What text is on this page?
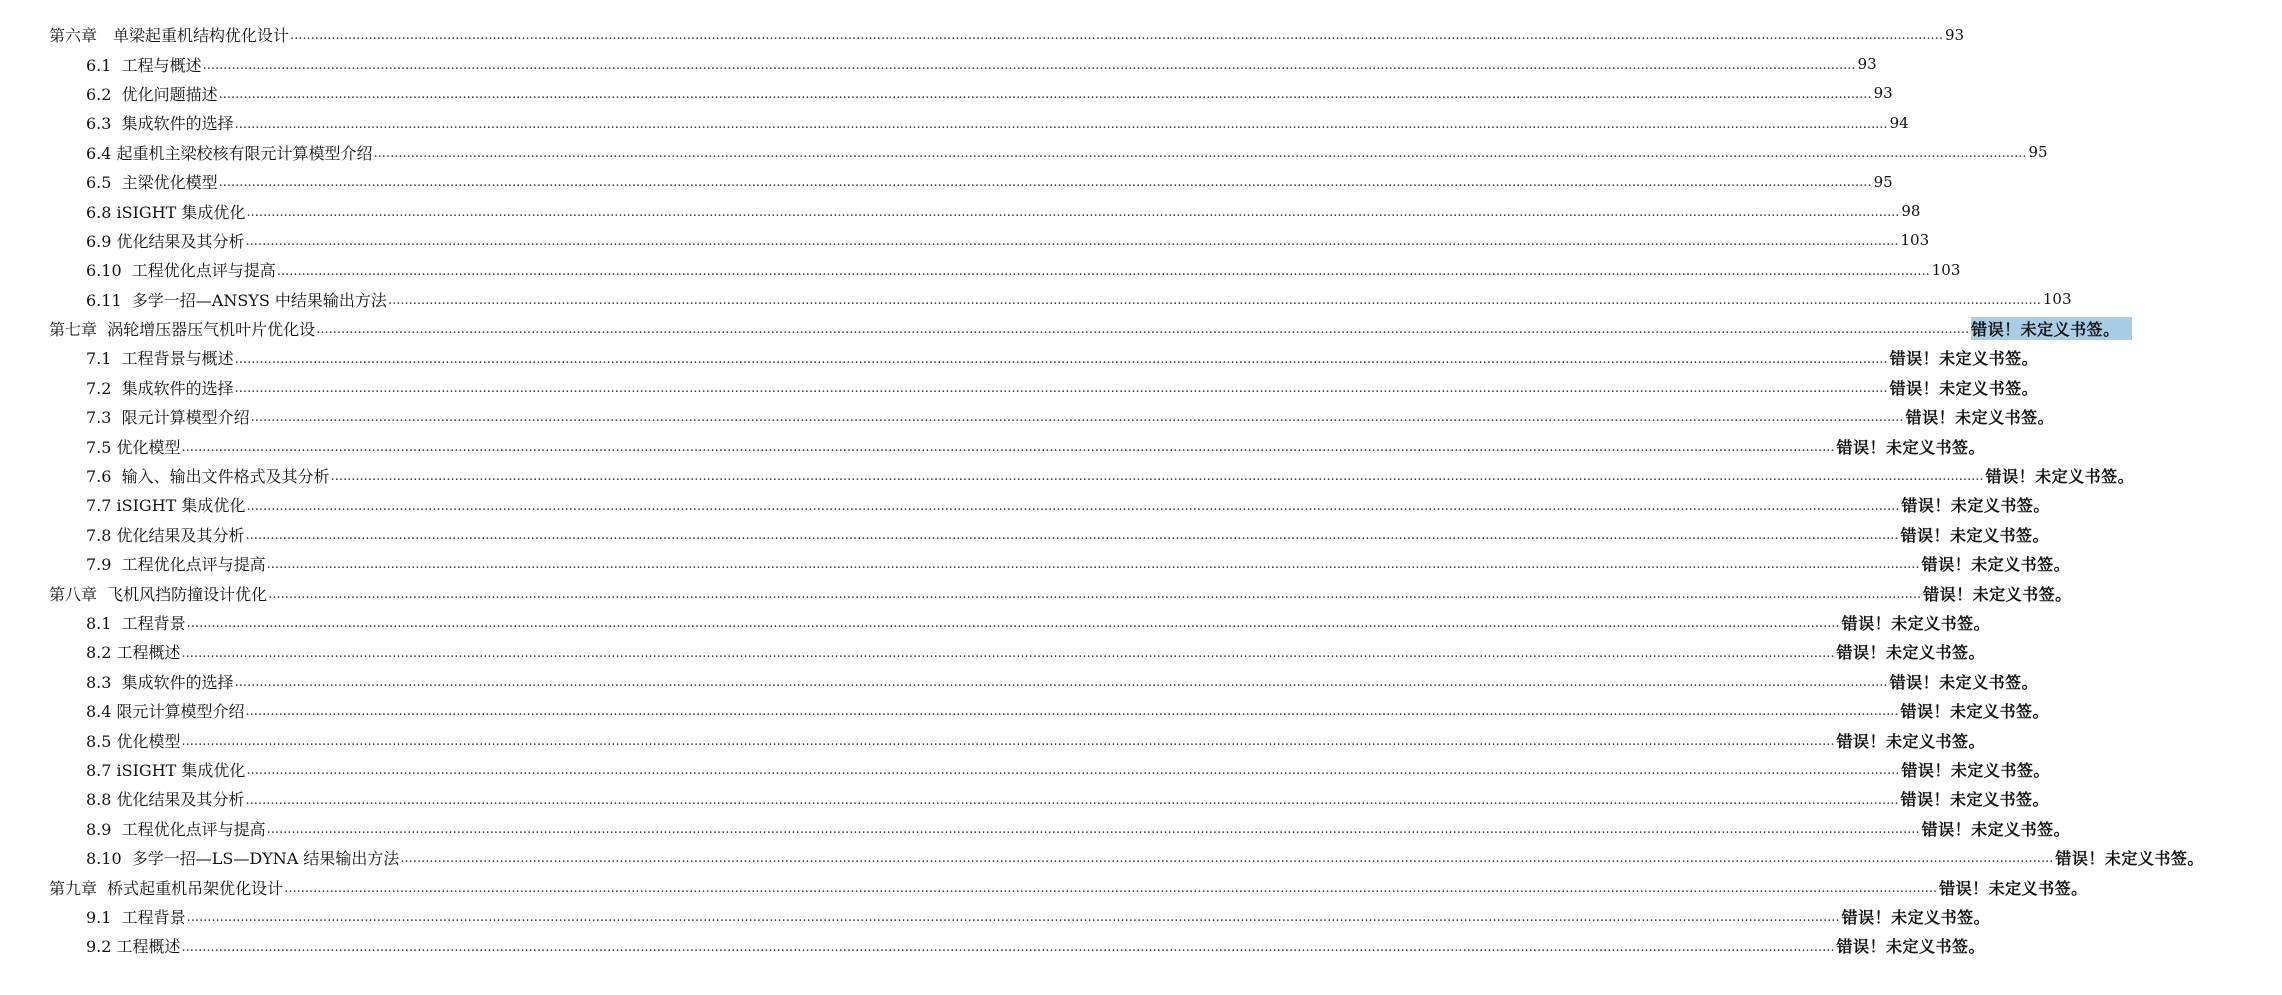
第六章　单梁起重机结构优化设计 ................................................................................................................................................................................................................................................................................................................................................................................................................ 93
6.1  工程与概述 ................................................................................................................................................................................................................................................................................................................................................................................................................ 93
6.2  优化问题描述 ................................................................................................................................................................................................................................................................................................................................................................................................................ 93
6.3  集成软件的选择 ................................................................................................................................................................................................................................................................................................................................................................................................................ 94
6.4 起重机主梁校核有限元计算模型介绍 ................................................................................................................................................................................................................................................................................................................................................................................................................ 95
6.5  主梁优化模型 ................................................................................................................................................................................................................................................................................................................................................................................................................ 95
6.8 iSIGHT 集成优化 ................................................................................................................................................................................................................................................................................................................................................................................................................ 98
6.9 优化结果及其分析 ................................................................................................................................................................................................................................................................................................................................................................................................................ 103
6.10  工程优化点评与提高 ................................................................................................................................................................................................................................................................................................................................................................................................................ 103
6.11  多学一招—ANSYS 中结果输出方法 ................................................................................................................................................................................................................................................................................................................................................................................................................ 103
第七章  涡轮增压器压气机叶片优化设 ................................................................................................................................................................................................................................................................................................................................................................................................................ 错误！未定义书签。
7.1  工程背景与概述 ................................................................................................................................................................................................................................................................................................................................................................................................................ 错误！未定义书签。
7.2  集成软件的选择 ................................................................................................................................................................................................................................................................................................................................................................................................................ 错误！未定义书签。
7.3  限元计算模型介绍 ................................................................................................................................................................................................................................................................................................................................................................................................................ 错误！未定义书签。
7.5 优化模型 ................................................................................................................................................................................................................................................................................................................................................................................................................ 错误！未定义书签。
7.6  输入、输出文件格式及其分析 ................................................................................................................................................................................................................................................................................................................................................................................................................ 错误！未定义书签。
7.7 iSIGHT 集成优化 ................................................................................................................................................................................................................................................................................................................................................................................................................ 错误！未定义书签。
7.8 优化结果及其分析 ................................................................................................................................................................................................................................................................................................................................................................................................................ 错误！未定义书签。
7.9  工程优化点评与提高 ................................................................................................................................................................................................................................................................................................................................................................................................................ 错误！未定义书签。
第八章  飞机风挡防撞设计优化 ................................................................................................................................................................................................................................................................................................................................................................................................................ 错误！未定义书签。
8.1  工程背景 ................................................................................................................................................................................................................................................................................................................................................................................................................ 错误！未定义书签。
8.2 工程概述 ................................................................................................................................................................................................................................................................................................................................................................................................................ 错误！未定义书签。
8.3  集成软件的选择 ................................................................................................................................................................................................................................................................................................................................................................................................................ 错误！未定义书签。
8.4 限元计算模型介绍 ................................................................................................................................................................................................................................................................................................................................................................................................................ 错误！未定义书签。
8.5 优化模型 ................................................................................................................................................................................................................................................................................................................................................................................................................ 错误！未定义书签。
8.7 iSIGHT 集成优化 ................................................................................................................................................................................................................................................................................................................................................................................................................ 错误！未定义书签。
8.8 优化结果及其分析 ................................................................................................................................................................................................................................................................................................................................................................................................................ 错误！未定义书签。
8.9  工程优化点评与提高 ................................................................................................................................................................................................................................................................................................................................................................................................................ 错误！未定义书签。
8.10  多学一招—LS—DYNA 结果输出方法 ................................................................................................................................................................................................................................................................................................................................................................................................................ 错误！未定义书签。
第九章  桥式起重机吊架优化设计 ................................................................................................................................................................................................................................................................................................................................................................................................................ 错误！未定义书签。
9.1  工程背景 ................................................................................................................................................................................................................................................................................................................................................................................................................ 错误！未定义书签。
9.2 工程概述 ................................................................................................................................................................................................................................................................................................................................................................................................................ 错误！未定义书签。
